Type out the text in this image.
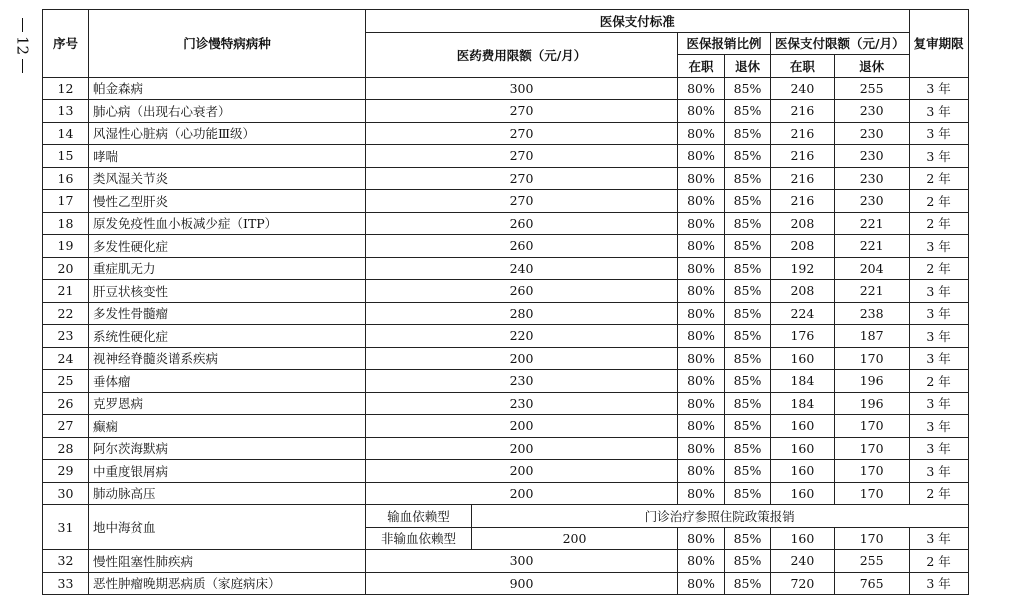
12 序号	门诊慢特病病种	医保支付标准						复审期限
		医药费用限额（元/月）		医保报销比例		医保支付限额（元/月）		
				在职	退休	在职	退休	
12	帕金森病	300		80%	85%	240	255	3 年
13	肺心病（出现右心衰者）	270		80%	85%	216	230	3 年
14	风湿性心脏病（心功能Ⅲ级）	270		80%	85%	216	230	3 年
15	哮喘	270		80%	85%	216	230	3 年
16	类风湿关节炎	270		80%	85%	216	230	2 年
17	慢性乙型肝炎	270		80%	85%	216	230	2 年
18	原发免疫性血小板减少症（ITP）	260		80%	85%	208	221	2 年
19	多发性硬化症	260		80%	85%	208	221	3 年
20	重症肌无力	240		80%	85%	192	204	2 年
21	肝豆状核变性	260		80%	85%	208	221	3 年
22	多发性骨髓瘤	280		80%	85%	224	238	3 年
23	系统性硬化症	220		80%	85%	176	187	3 年
24	视神经脊髓炎谱系疾病	200		80%	85%	160	170	3 年
25	垂体瘤	230		80%	85%	184	196	2 年
26	克罗恩病	230		80%	85%	184	196	3 年
27	癫痫	200		80%	85%	160	170	3 年
28	阿尔茨海默病	200		80%	85%	160	170	3 年
29	中重度银屑病	200		80%	85%	160	170	3 年
30	肺动脉高压	200		80%	85%	160	170	2 年
31	地中海贫血	输血依赖型	门诊治疗参照住院政策报销					
		非输血依赖型	200	80%	85%	160	170	3 年
32	慢性阻塞性肺疾病	300		80%	85%	240	255	2 年
33	恶性肿瘤晚期恶病质（家庭病床）	900		80%	85%	720	765	3 年
